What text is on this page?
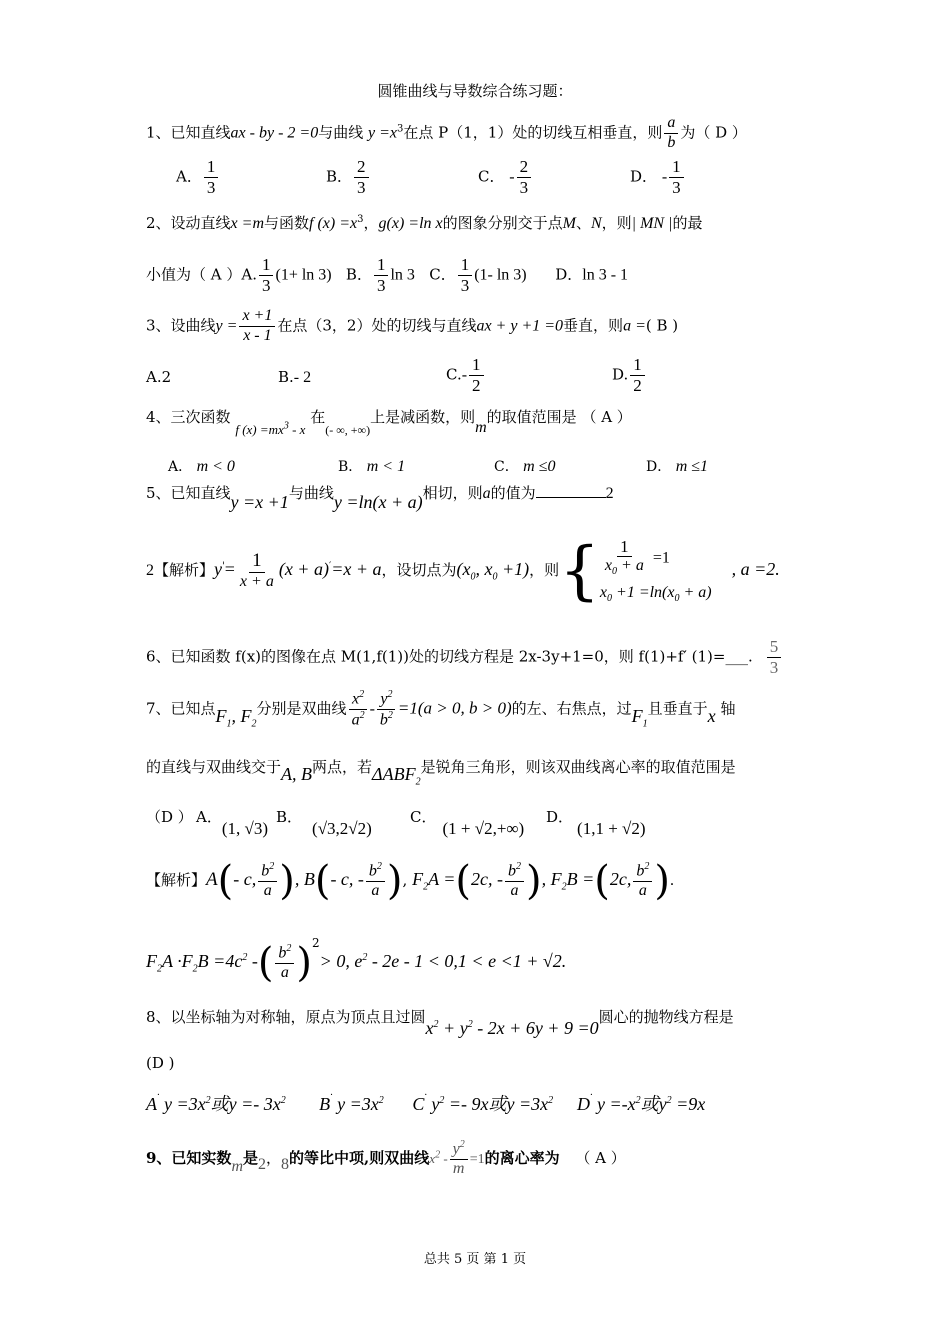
圆锥曲线与导数综合练习题：
1、已知直线ax - by - 2 =0与曲线 $y =x^3$在点 P（1，1）处的切线互相垂直，则 $\frac{a}{b}$ 为（ D ）
A． $\frac{1}{3}$	B． $\frac{2}{3}$	C． - $\frac{2}{3}$	D． - $\frac{1}{3}$
2、设动直线x =m与函数f $(x) =x^3$，g(x) =ln x的图象分别交于点M、N，则| MN |的最
小值为（ A ）A. $\frac{1}{3} (1+ \ln 3)$ B． $\frac{1}{3}$ ln 3 C． $\frac{1}{3} (1-$ ln 3) D．ln 3 - 1
3、设曲线$y = \frac{x +1}{x - 1}$ 在点（3，2）处的切线与直线ax + y +1 =0垂直，则a =( B )
A.2	B.- 2	$C.- \frac{1}{2}$	D. $\frac{1}{2}$
4、三次函数 f $(x) =mx^3 - x$ 在$_{(- \infty, +\infty)}$上是减函数，则m的取值范围是 （ A ）
A． m < 0	B． m < 1	C． m ≤0	D． m ≤1
5、已知直线y =x +1与曲线y =ln(x + a)相切，则a的值为	2
2【解析】$y'= \frac{1}{x + a} (x + a)'=x + a$，设切点为($x_0$, $x_0 +1$)，则{ $\frac{1}{x_0 + a} =1$
$x_0 +1 =\ln(x_0 + a)$
, a =2.
6、已知函数 f(x)的图像在点 M(1,f(1))处的切线方程是 2x-3y+1=0，则 f(1)+f′ (1)=___. $\frac{5}{3}$
7、已知点$F_1$, $F_2$分别是双曲线 $\frac{x^2}{a^2} - \frac{y^2}{b^2} =1(a > 0$, b > 0)的左、右焦点，过$F_1$且垂直于x 轴
的直线与双曲线交于A, B两点，若$\Delta ABF_2$是锐角三角形，则该双曲线离心率的取值范围是
（D ） A．(1, √3)
B．(√3,2√2)
C．(1 + √2,+∞)
D．(1,1 + √2)
【解析】A(- c, $\frac{b^2}{a}$ ), B(- c, - $\frac{b^2}{a}$ ), $F_2A =(2c$, - $\frac{b^2}{a}$ ), $F_2B =(2c$, $\frac{b^2}{a}$ ).
$F_2A \cdot F_2B =4c^2$ -( $\frac{b^2}{a} )^2> 0$, $e^2 - 2e - 1 < 0,1 < e <1 + √2$.
8、以坐标轴为对称轴，原点为顶点且过圆$x^2 + y^2 - 2x + 6y + 9 =0$圆心的抛物线方程是
(D )
A· $y =3x^2$或$y =- 3x^2$ B· $y =3x^2$ C· $y^2 =- 9x$或$y =3x^2$ D· $y =-x^2$或$y^2 =9x$
9、已知实数m是2，8的等比中项,则双曲线$x^2 - \frac{y^2}{m} =1$的离心率为 （ A ）
总共 5 页 第 1 页
